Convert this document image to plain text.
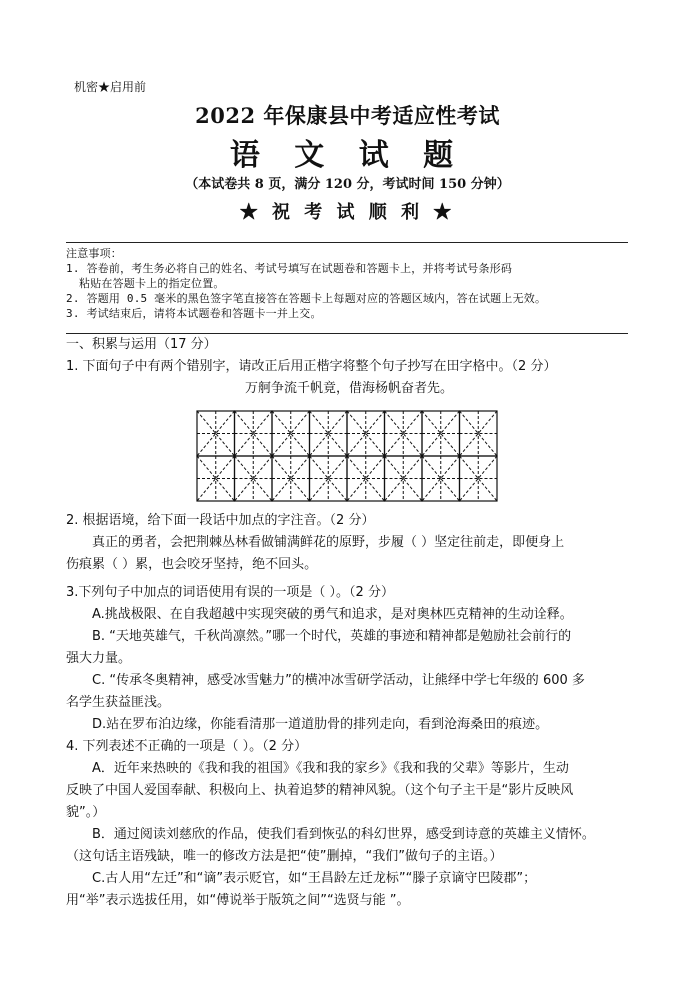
机密★启用前
2022 年保康县中考适应性考试
语 文 试 题
（本试卷共 8 页，满分 120 分，考试时间 150 分钟）
★ 祝 考 试 顺 利 ★
注意事项：
1. 答卷前，考生务必将自己的姓名、考试号填写在试题卷和答题卡上，并将考试号条形码
粘贴在答题卡上的指定位置。
2. 答题用 0.5 毫米的黑色签字笔直接答在答题卡上每题对应的答题区域内，答在试题上无效。
3. 考试结束后，请将本试题卷和答题卡一并上交。
一、积累与运用（17 分）
1. 下面句子中有两个错别字，请改正后用正楷字将整个句子抄写在田字格中。（2 分）
万舸争流千帆竟，借海杨帆奋者先。
2. 根据语境，给下面一段话中加点的字注音。（2 分）
真正的勇者，会把荆棘丛林看做铺满鲜花的原野，步履（ ）坚定往前走，即便身上
伤痕累（ ）累，也会咬牙坚持，绝不回头。
3.下列句子中加点的词语使用有误的一项是（ ）。（2 分）
A.挑战极限、在自我超越中实现突破的勇气和追求，是对奥林匹克精神的生动诠释。
B. “天地英雄气，千秋尚凛然。”哪一个时代，英雄的事迹和精神都是勉励社会前行的
强大力量。
C. “传承冬奥精神，感受冰雪魅力”的横冲冰雪研学活动，让熊绎中学七年级的 600 多
名学生获益匪浅。
D.站在罗布泊边缘，你能看清那一道道肋骨的排列走向，看到沧海桑田的痕迹。
4. 下列表述不正确的一项是（ ）。（2 分）
A．近年来热映的《我和我的祖国》《我和我的家乡》《我和我的父辈》等影片，生动
反映了中国人爱国奉献、积极向上、执着追梦的精神风貌。（这个句子主干是“影片反映风
貌”。）
B．通过阅读刘慈欣的作品，使我们看到恢弘的科幻世界，感受到诗意的英雄主义情怀。
（这句话主语残缺，唯一的修改方法是把“使”删掉，“我们”做句子的主语。）
C.古人用“左迁”和“谪”表示贬官，如“王昌龄左迁龙标”“滕子京谪守巴陵郡”；
用“举”表示选拔任用，如“傅说举于版筑之间”“选贤与能 ”。
